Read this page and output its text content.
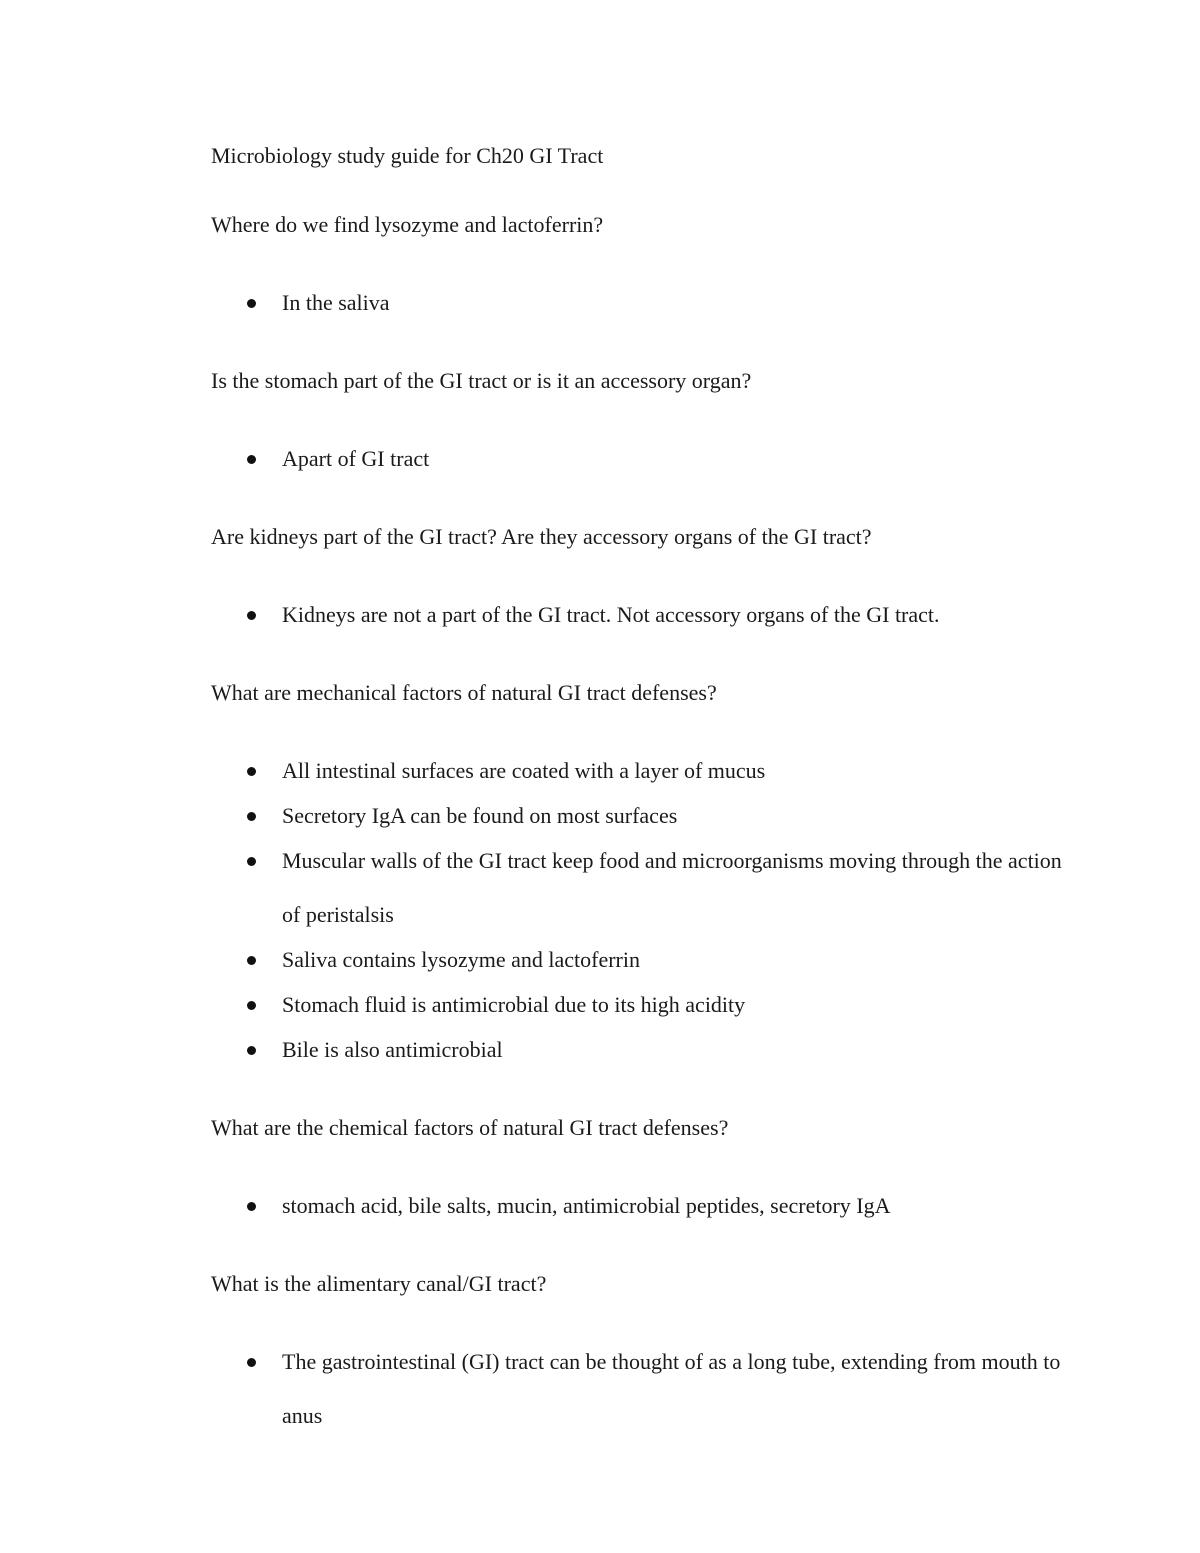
Microbiology study guide for Ch20 GI Tract
Where do we find lysozyme and lactoferrin?
In the saliva
Is the stomach part of the GI tract or is it an accessory organ?
Apart of GI tract
Are kidneys part of the GI tract? Are they accessory organs of the GI tract?
Kidneys are not a part of the GI tract. Not accessory organs of the GI tract.
What are mechanical factors of natural GI tract defenses?
All intestinal surfaces are coated with a layer of mucus
Secretory IgA can be found on most surfaces
Muscular walls of the GI tract keep food and microorganisms moving through the action of peristalsis
Saliva contains lysozyme and lactoferrin
Stomach fluid is antimicrobial due to its high acidity
Bile is also antimicrobial
What are the chemical factors of natural GI tract defenses?
stomach acid, bile salts, mucin, antimicrobial peptides, secretory IgA
What is the alimentary canal/GI tract?
The gastrointestinal (GI) tract can be thought of as a long tube, extending from mouth to anus
